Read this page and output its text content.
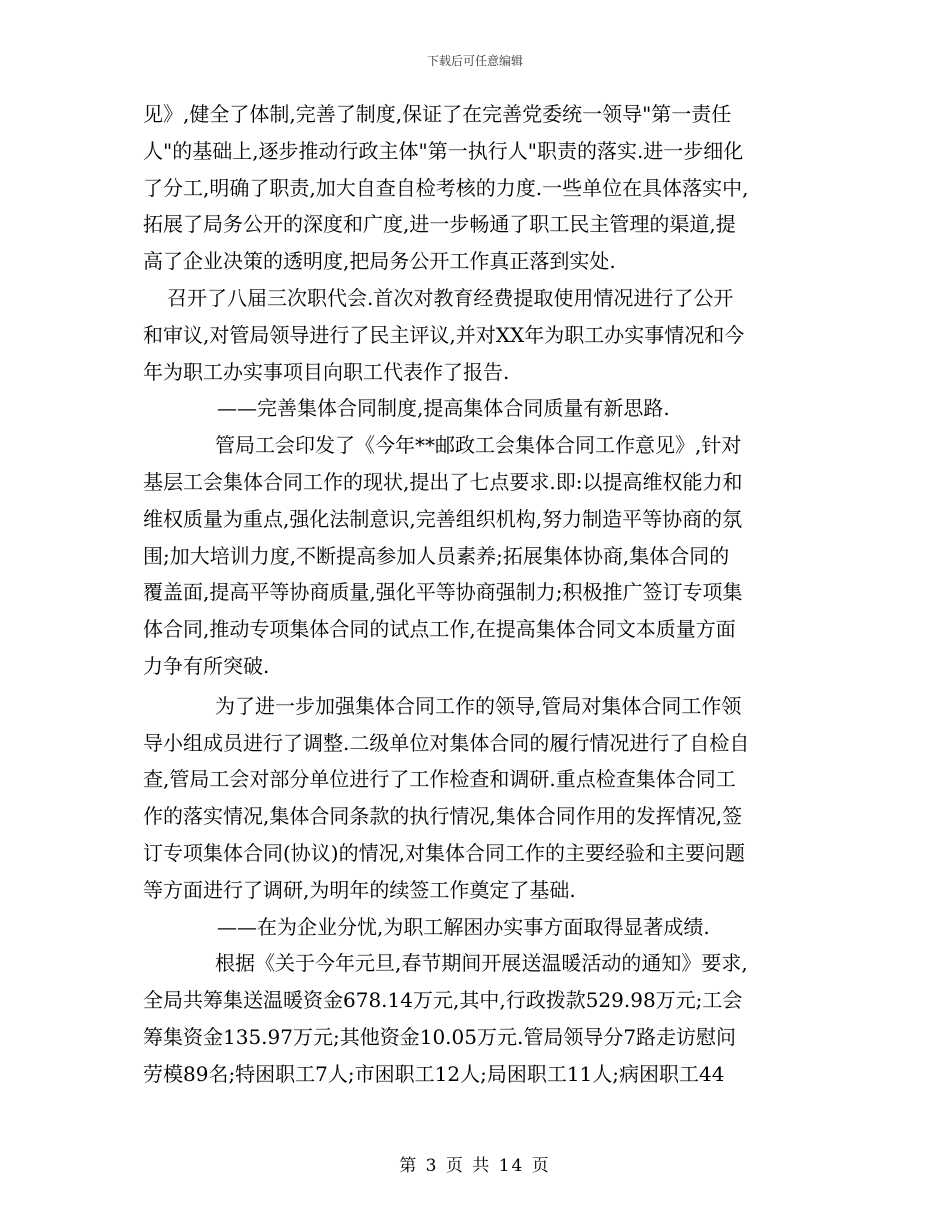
下载后可任意编辑
见》,健全了体制,完善了制度,保证了在完善党委统一领导"第一责任
人"的基础上,逐步推动行政主体"第一执行人"职责的落实.进一步细化
了分工,明确了职责,加大自查自检考核的力度.一些单位在具体落实中,
拓展了局务公开的深度和广度,进一步畅通了职工民主管理的渠道,提
高了企业决策的透明度,把局务公开工作真正落到实处.
召开了八届三次职代会.首次对教育经费提取使用情况进行了公开
和审议,对管局领导进行了民主评议,并对XX年为职工办实事情况和今
年为职工办实事项目向职工代表作了报告.
——完善集体合同制度,提高集体合同质量有新思路.
管局工会印发了《今年**邮政工会集体合同工作意见》,针对
基层工会集体合同工作的现状,提出了七点要求.即:以提高维权能力和
维权质量为重点,强化法制意识,完善组织机构,努力制造平等协商的氛
围;加大培训力度,不断提高参加人员素养;拓展集体协商,集体合同的
覆盖面,提高平等协商质量,强化平等协商强制力;积极推广签订专项集
体合同,推动专项集体合同的试点工作,在提高集体合同文本质量方面
力争有所突破.
为了进一步加强集体合同工作的领导,管局对集体合同工作领
导小组成员进行了调整.二级单位对集体合同的履行情况进行了自检自
查,管局工会对部分单位进行了工作检查和调研.重点检查集体合同工
作的落实情况,集体合同条款的执行情况,集体合同作用的发挥情况,签
订专项集体合同(协议)的情况,对集体合同工作的主要经验和主要问题
等方面进行了调研,为明年的续签工作奠定了基础.
——在为企业分忧,为职工解困办实事方面取得显著成绩.
根据《关于今年元旦,春节期间开展送温暖活动的通知》要求,
全局共筹集送温暖资金678.14万元,其中,行政拨款529.98万元;工会
筹集资金135.97万元;其他资金10.05万元.管局领导分7路走访慰问
劳模89名;特困职工7人;市困职工12人;局困职工11人;病困职工44
第 3 页 共 14 页
